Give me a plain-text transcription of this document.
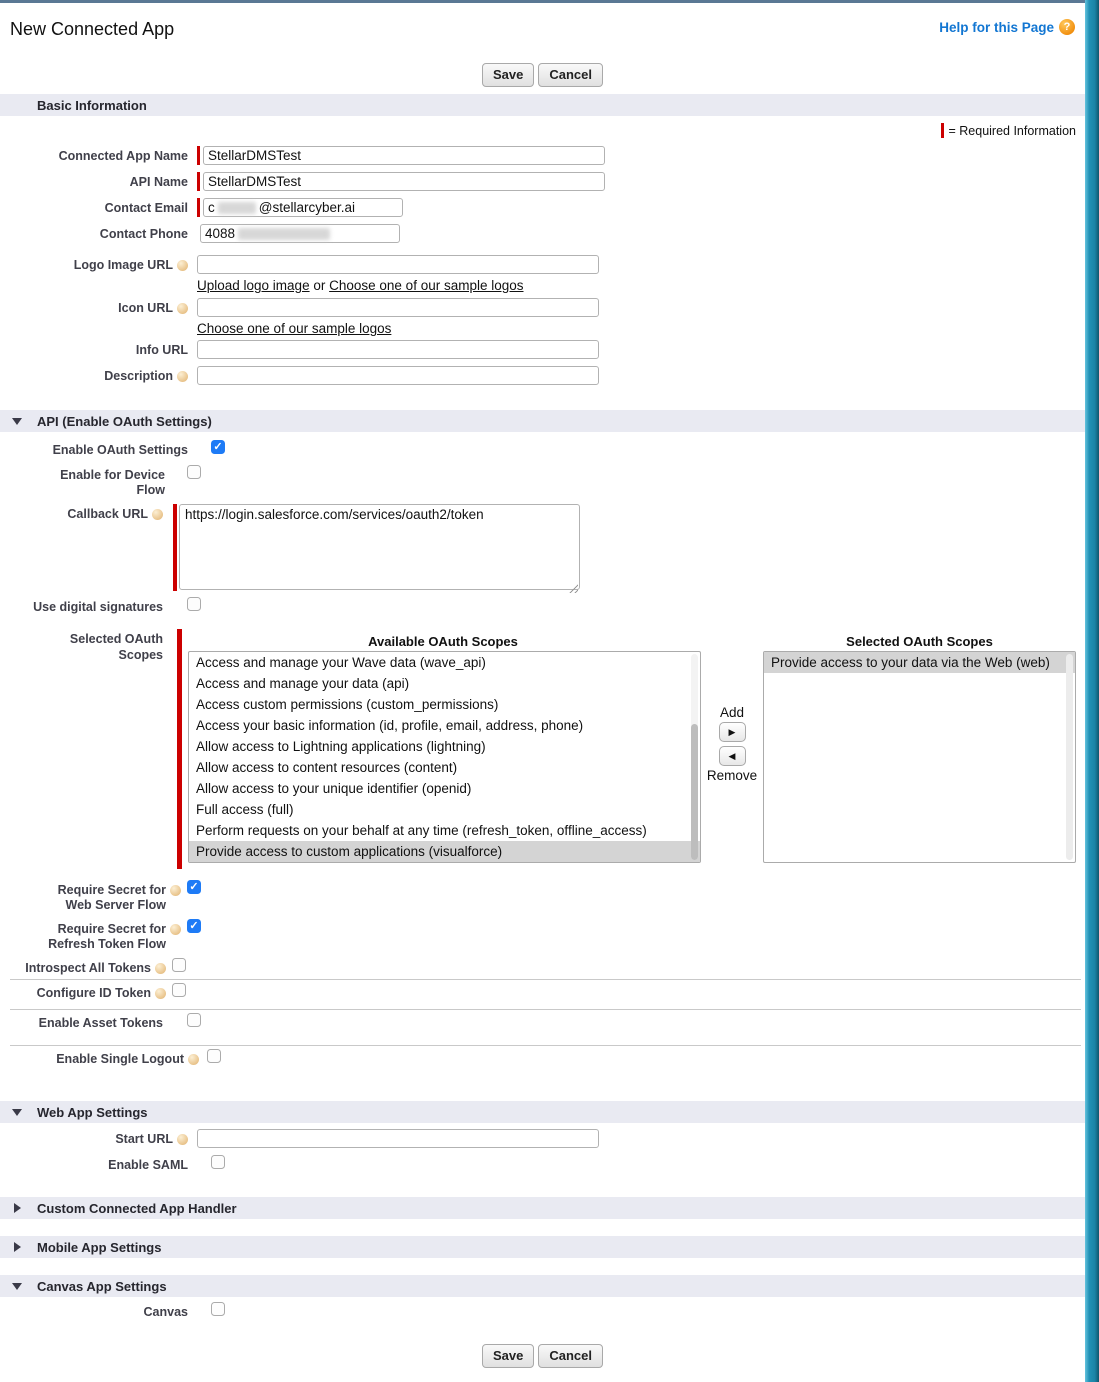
New Connected App	Help for this Page ?
Save Cancel
Basic Information
= Required Information
Connected App Name
StellarDMSTest
API Name
StellarDMSTest
Contact Email c	@stellarcyber.ai
Contact Phone 4088
Logo Image URL
Upload logo image or Choose one of our sample logos
Icon URL
Choose one of our sample logos
Info URL
Description
API (Enable OAuth Settings)
Enable OAuth Settings ✓
Enable for Device
Flow
Callback URL
https://login.salesforce.com/services/oauth2/token
Use digital signatures
Selected OAuth
Scopes
Available OAuth Scopes
Access and manage your Wave data (wave_api)
Access and manage your data (api)
Access custom permissions (custom_permissions)
Access your basic information (id, profile, email, address, phone)
Allow access to Lightning applications (lightning)
Allow access to content resources (content)
Allow access to your unique identifier (openid)
Full access (full)
Perform requests on your behalf at any time (refresh_token, offline_access)
Provide access to custom applications (visualforce)
Add
▶
◀
Remove
Selected OAuth Scopes
Provide access to your data via the Web (web)
Require Secret for
Web Server Flow
✓
Require Secret for
Refresh Token Flow
✓
Introspect All Tokens
Configure ID Token
Enable Asset Tokens
Enable Single Logout
Web App Settings
Start URL
Enable SAML
Custom Connected App Handler
Mobile App Settings
Canvas App Settings
Canvas
Save Cancel
